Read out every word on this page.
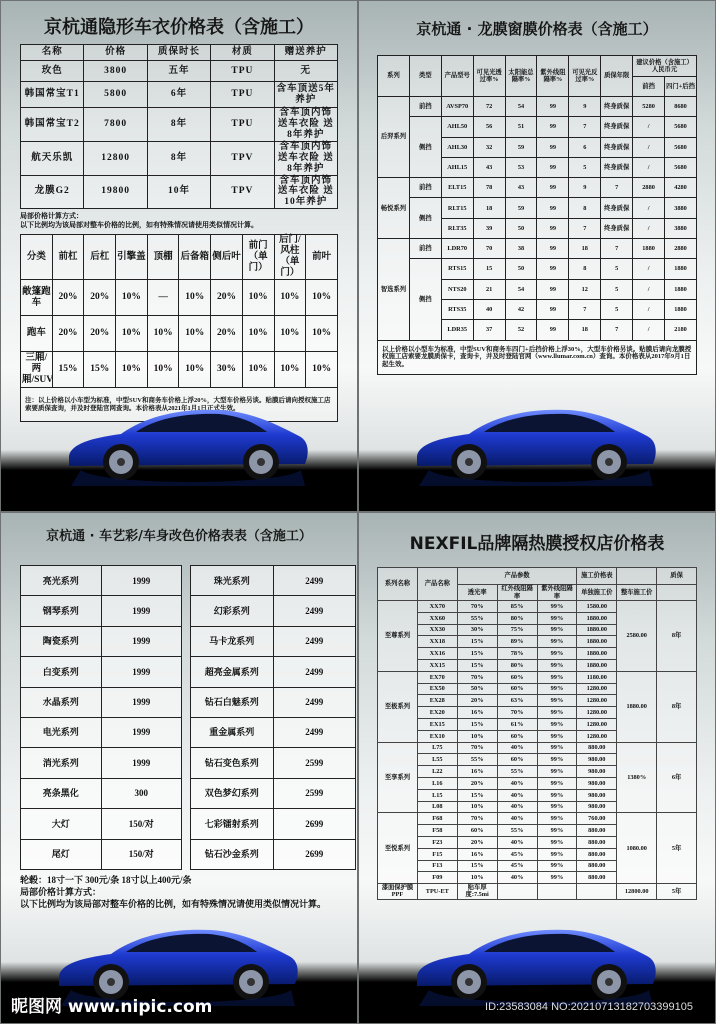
京杭通隐形车衣价格表（含施工）
名称	价格	质保时长	材质	赠送养护
玫色	3800	五年	TPU	无
韩国常宝T1	5800	6年	TPU	含车顶送5年养护
韩国常宝T2	7800	8年	TPU	含车顶内饰 送车衣险 送8年养护
航天乐凯	12800	8年	TPV	含车顶内饰 送车衣险 送8年养护
龙膜G2	19800	10年	TPV	含车顶内饰 送车衣险 送10年养护
局部价格计算方式：
以下比例均为该局部对整车价格的比例，如有特殊情况请使用类似情况计算。
分类	前杠	后杠	引擎盖	顶棚	后备箱	侧后叶	前门（单门）	后门/风柱（单门）	前叶
敞篷跑车	20%	20%	10%	—	10%	20%	10%	10%	10%
跑车	20%	20%	10%	10%	10%	20%	10%	10%	10%
三厢/两厢/SUV	15%	15%	10%	10%	10%	30%	10%	10%	10%
注：以上价格以小车型为标准，中型SUV和商务车价格上浮20%，大型车价格另谈。贴膜后请向授权施工店索要质保查询，并及时登陆官网查询。本价格表从2021年1月1日正式生效。									
京杭通 · 龙膜窗膜价格表（含施工）
系列	类型	产品型号	可见光透过率%	太阳能总隔率%	紫外线阻隔率%	可见光反过率%	质保年限	建议价格（含施工）人民币元	
								前挡	四门+后挡
后羿系列	前挡	AVSP70	72	54	99	9	终身质保	5280	8680
	侧挡	AHL50	56	51	99	7	终身质保	/	5680
		AHL30	32	59	99	6	终身质保	/	5680
		AHL15	43	53	99	5	终身质保	/	5680
畅悦系列	前挡	ELT15	78	43	99	9	7	2880	4280
	侧挡	RLT15	18	59	99	8	终身质保	/	3880
		RLT35	39	50	99	7	终身质保	/	3880
智选系列	前挡	LDR70	70	38	99	18	7	1880	2880
	侧挡	RTS15	15	50	99	8	5	/	1880
		NTS20	21	54	99	12	5	/	1880
		RTS35	40	42	99	7	5	/	1880
		LDR35	37	52	99	18	7	/	2180
以上价格以小型车为标准，中型SUV和商务车四门+后挡价格上浮30%，大型车价格另谈。贴膜后请向龙膜授权施工店索要龙膜质保卡，查询卡，并及时登陆官网（www.llumar.com.cn）查询。本价格表从2017年9月1日起生效。									
京杭通 · 车艺彩/车身改色价格表表（含施工）
亮光系列	1999
钢琴系列	1999
陶瓷系列	1999
白变系列	1999
水晶系列	1999
电光系列	1999
消光系列	1999
亮条黑化	300
大灯	150/对
尾灯	150/对
珠光系列	2499
幻彩系列	2499
马卡龙系列	2499
超亮金属系列	2499
钻石白魅系列	2499
重金属系列	2499
钻石变色系列	2599
双色梦幻系列	2599
七彩镭射系列	2699
钻石沙金系列	2699
轮毂：18寸一下 300元/条 18寸以上400元/条
局部价格计算方式：
以下比例均为该局部对整车价格的比例，如有特殊情况请使用类似情况计算。
昵图网 www.nipic.com
NEXFIL品牌隔热膜授权店价格表
系列名称	产品名称	产品参数			施工价格表		质保
		透光率	红外线阻隔率	紫外线阻隔率	单独施工价	整车施工价	
至尊系列	XX70	70%	85%	99%	1580.00	2580.00	8年
	XX60	55%	80%	99%	1880.00		
	XX30	30%	75%	99%	1880.00		
	XX18	15%	89%	99%	1880.00		
	XX16	15%	78%	99%	1880.00		
	XX15	15%	80%	99%	1880.00		
至极系列	EX70	70%	60%	99%	1180.00	1880.00	8年
	EX50	50%	60%	99%	1280.00		
	EX28	20%	63%	99%	1280.00		
	EX20	16%	70%	99%	1280.00		
	EX15	15%	61%	99%	1280.00		
	EX10	10%	60%	99%	1280.00		
至享系列	L75	70%	40%	99%	880.00	1380%	6年
	L55	55%	60%	99%	980.00		
	L22	16%	55%	99%	980.00		
	L16	20%	40%	99%	980.00		
	L15	15%	40%	99%	980.00		
	L08	10%	40%	99%	980.00		
至悦系列	F68	70%	40%	99%	760.00	1080.00	5年
	F58	60%	55%	99%	880.00		
	F23	20%	40%	99%	880.00		
	F15	16%	45%	99%	880.00		
	F13	15%	45%	99%	880.00		
	F09	10%	40%	99%	880.00		
漆面保护膜PPF	TPU-ET	贴车厚度:7.5mi				12800.00	5年
ID:23583084 NO:20210713182703399105
